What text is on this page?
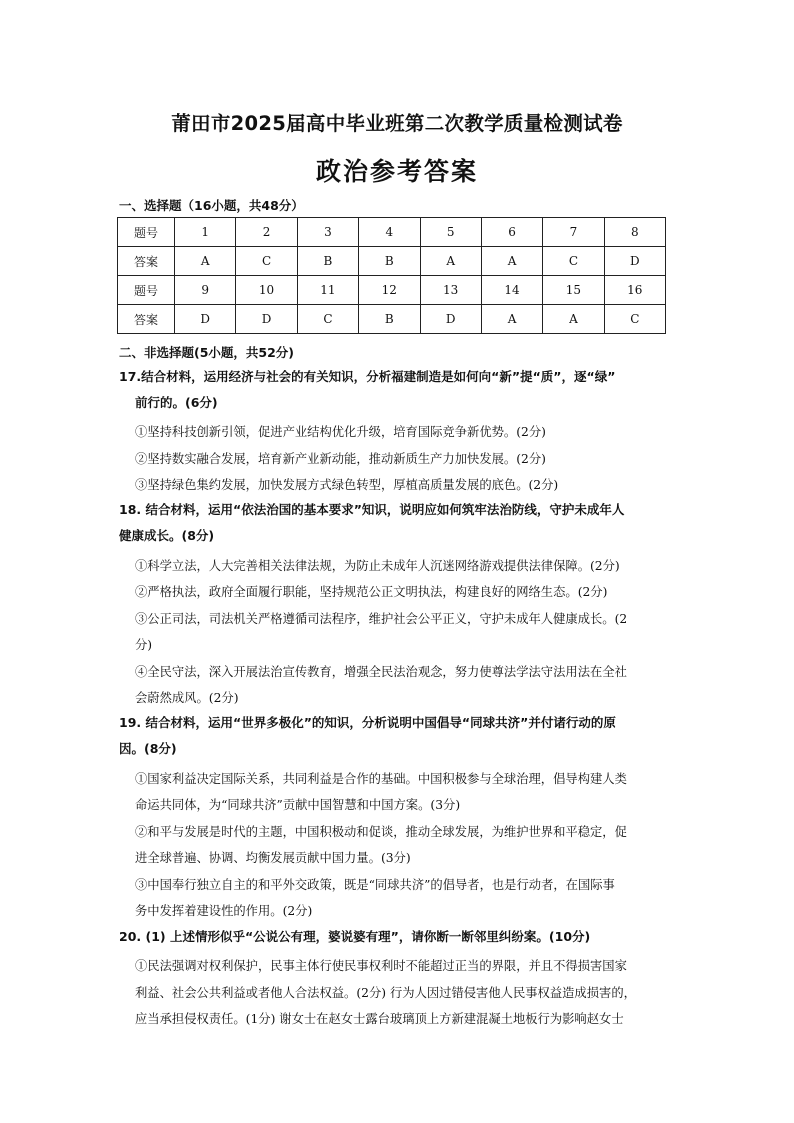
莆田市2025届高中毕业班第二次教学质量检测试卷
政治参考答案
一、选择题（16小题，共48分）
题号	1	2	3	4	5	6	7	8
答案	A	C	B	B	A	A	C	D
题号	9	10	11	12	13	14	15	16
答案	D	D	C	B	D	A	A	C
二、非选择题(5小题，共52分)
17.结合材料，运用经济与社会的有关知识，分析福建制造是如何向“新”提“质”，逐“绿”
前行的。(6分)
①坚持科技创新引领，促进产业结构优化升级，培育国际竞争新优势。(2分)
②坚持数实融合发展，培育新产业新动能，推动新质生产力加快发展。(2分)
③坚持绿色集约发展，加快发展方式绿色转型，厚植高质量发展的底色。(2分)
18. 结合材料，运用“依法治国的基本要求”知识，说明应如何筑牢法治防线，守护未成年人
健康成长。(8分)
①科学立法，人大完善相关法律法规，为防止未成年人沉迷网络游戏提供法律保障。(2分)
②严格执法，政府全面履行职能，坚持规范公正文明执法，构建良好的网络生态。(2分)
③公正司法，司法机关严格遵循司法程序，维护社会公平正义，守护未成年人健康成长。(2
分)
④全民守法，深入开展法治宣传教育，增强全民法治观念，努力使尊法学法守法用法在全社
会蔚然成风。(2分)
19. 结合材料，运用“世界多极化”的知识，分析说明中国倡导“同球共济”并付诸行动的原
因。(8分)
①国家利益决定国际关系，共同利益是合作的基础。中国积极参与全球治理，倡导构建人类
命运共同体，为“同球共济”贡献中国智慧和中国方案。(3分)
②和平与发展是时代的主题，中国积极动和促谈，推动全球发展，为维护世界和平稳定，促
进全球普遍、协调、均衡发展贡献中国力量。(3分)
③中国奉行独立自主的和平外交政策，既是“同球共济”的倡导者，也是行动者，在国际事
务中发挥着建设性的作用。(2分)
20. (1) 上述情形似乎“公说公有理，婆说婆有理”，请你断一断邻里纠纷案。(10分)
①民法强调对权利保护，民事主体行使民事权利时不能超过正当的界限，并且不得损害国家
利益、社会公共利益或者他人合法权益。(2分) 行为人因过错侵害他人民事权益造成损害的，
应当承担侵权责任。(1分) 谢女士在赵女士露台玻璃顶上方新建混凝土地板行为影响赵女士
